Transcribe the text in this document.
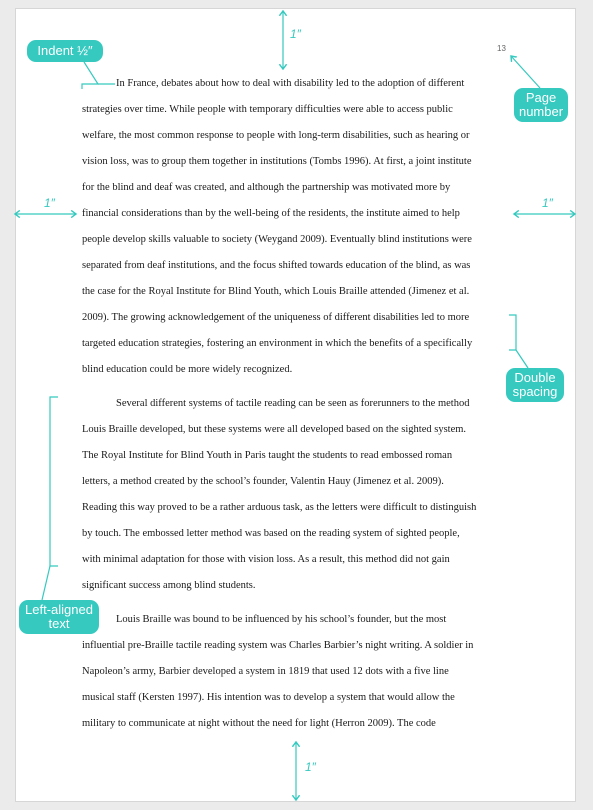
13
In France, debates about how to deal with disability led to the adoption of different
strategies over time. While people with temporary difficulties were able to access public
welfare, the most common response to people with long-term disabilities, such as hearing or
vision loss, was to group them together in institutions (Tombs 1996). At first, a joint institute
for the blind and deaf was created, and although the partnership was motivated more by
financial considerations than by the well-being of the residents, the institute aimed to help
people develop skills valuable to society (Weygand 2009). Eventually blind institutions were
separated from deaf institutions, and the focus shifted towards education of the blind, as was
the case for the Royal Institute for Blind Youth, which Louis Braille attended (Jimenez et al.
2009). The growing acknowledgement of the uniqueness of different disabilities led to more
targeted education strategies, fostering an environment in which the benefits of a specifically
blind education could be more widely recognized.
Several different systems of tactile reading can be seen as forerunners to the method
Louis Braille developed, but these systems were all developed based on the sighted system.
The Royal Institute for Blind Youth in Paris taught the students to read embossed roman
letters, a method created by the school’s founder, Valentin Hauy (Jimenez et al. 2009).
Reading this way proved to be a rather arduous task, as the letters were difficult to distinguish
by touch. The embossed letter method was based on the reading system of sighted people,
with minimal adaptation for those with vision loss. As a result, this method did not gain
significant success among blind students.
Louis Braille was bound to be influenced by his school’s founder, but the most
influential pre-Braille tactile reading system was Charles Barbier’s night writing. A soldier in
Napoleon’s army, Barbier developed a system in 1819 that used 12 dots with a five line
musical staff (Kersten 1997). His intention was to develop a system that would allow the
military to communicate at night without the need for light (Herron 2009). The code
1″
1″	1″
1″
Indent ½″
Page number
Double spacing
Left-aligned text
